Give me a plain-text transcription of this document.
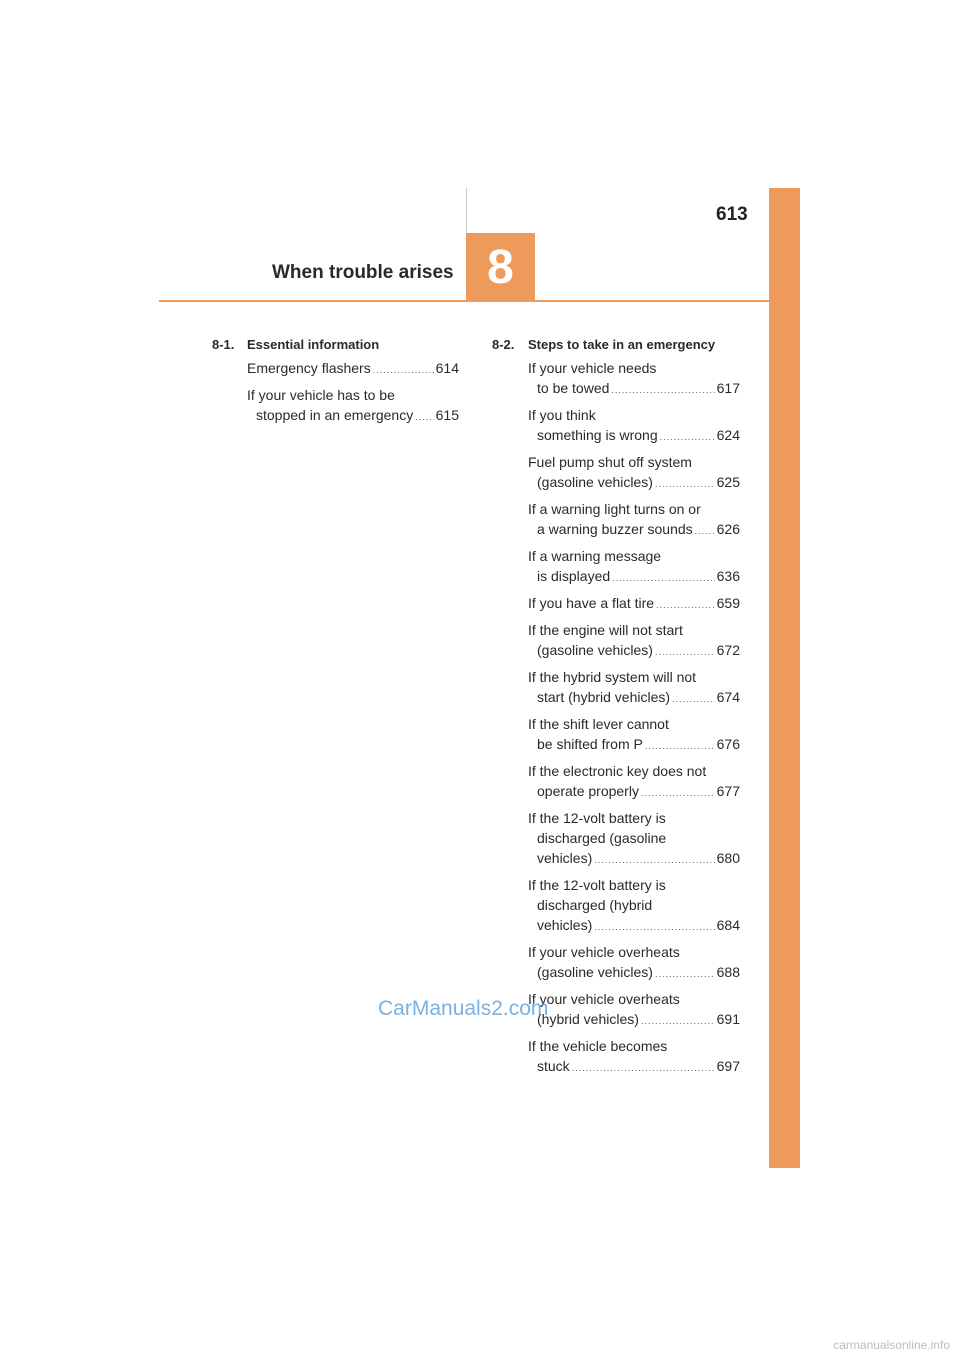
613
When trouble arises 8
8-1. Essential information
Emergency flashers .....	614
If your vehicle has to be
stopped in an emergency ..... 615
8-2.	Steps to take in an emergency
If your vehicle needs
to be towed .....	617
If you think
something is wrong .....	624
Fuel pump shut off system
(gasoline vehicles) .....	625
If a warning light turns on or
a warning buzzer sounds ..... 626
If a warning message
is displayed .....	636
If you have a flat tire .....	659
If the engine will not start
(gasoline vehicles) .....	672
If the hybrid system will not
start (hybrid vehicles) .....	674
If the shift lever cannot
be shifted from P .....	676
If the electronic key does not
operate properly .....	677
If the 12-volt battery is
discharged (gasoline
vehicles) .....	680
If the 12-volt battery is
discharged (hybrid
vehicles) .....	684
If your vehicle overheats
(gasoline vehicles) .....	688
If your vehicle overheats
(hybrid vehicles) .....	691
If the vehicle becomes
stuck .....	697
CarManuals2.com
carmanualsonline.info
